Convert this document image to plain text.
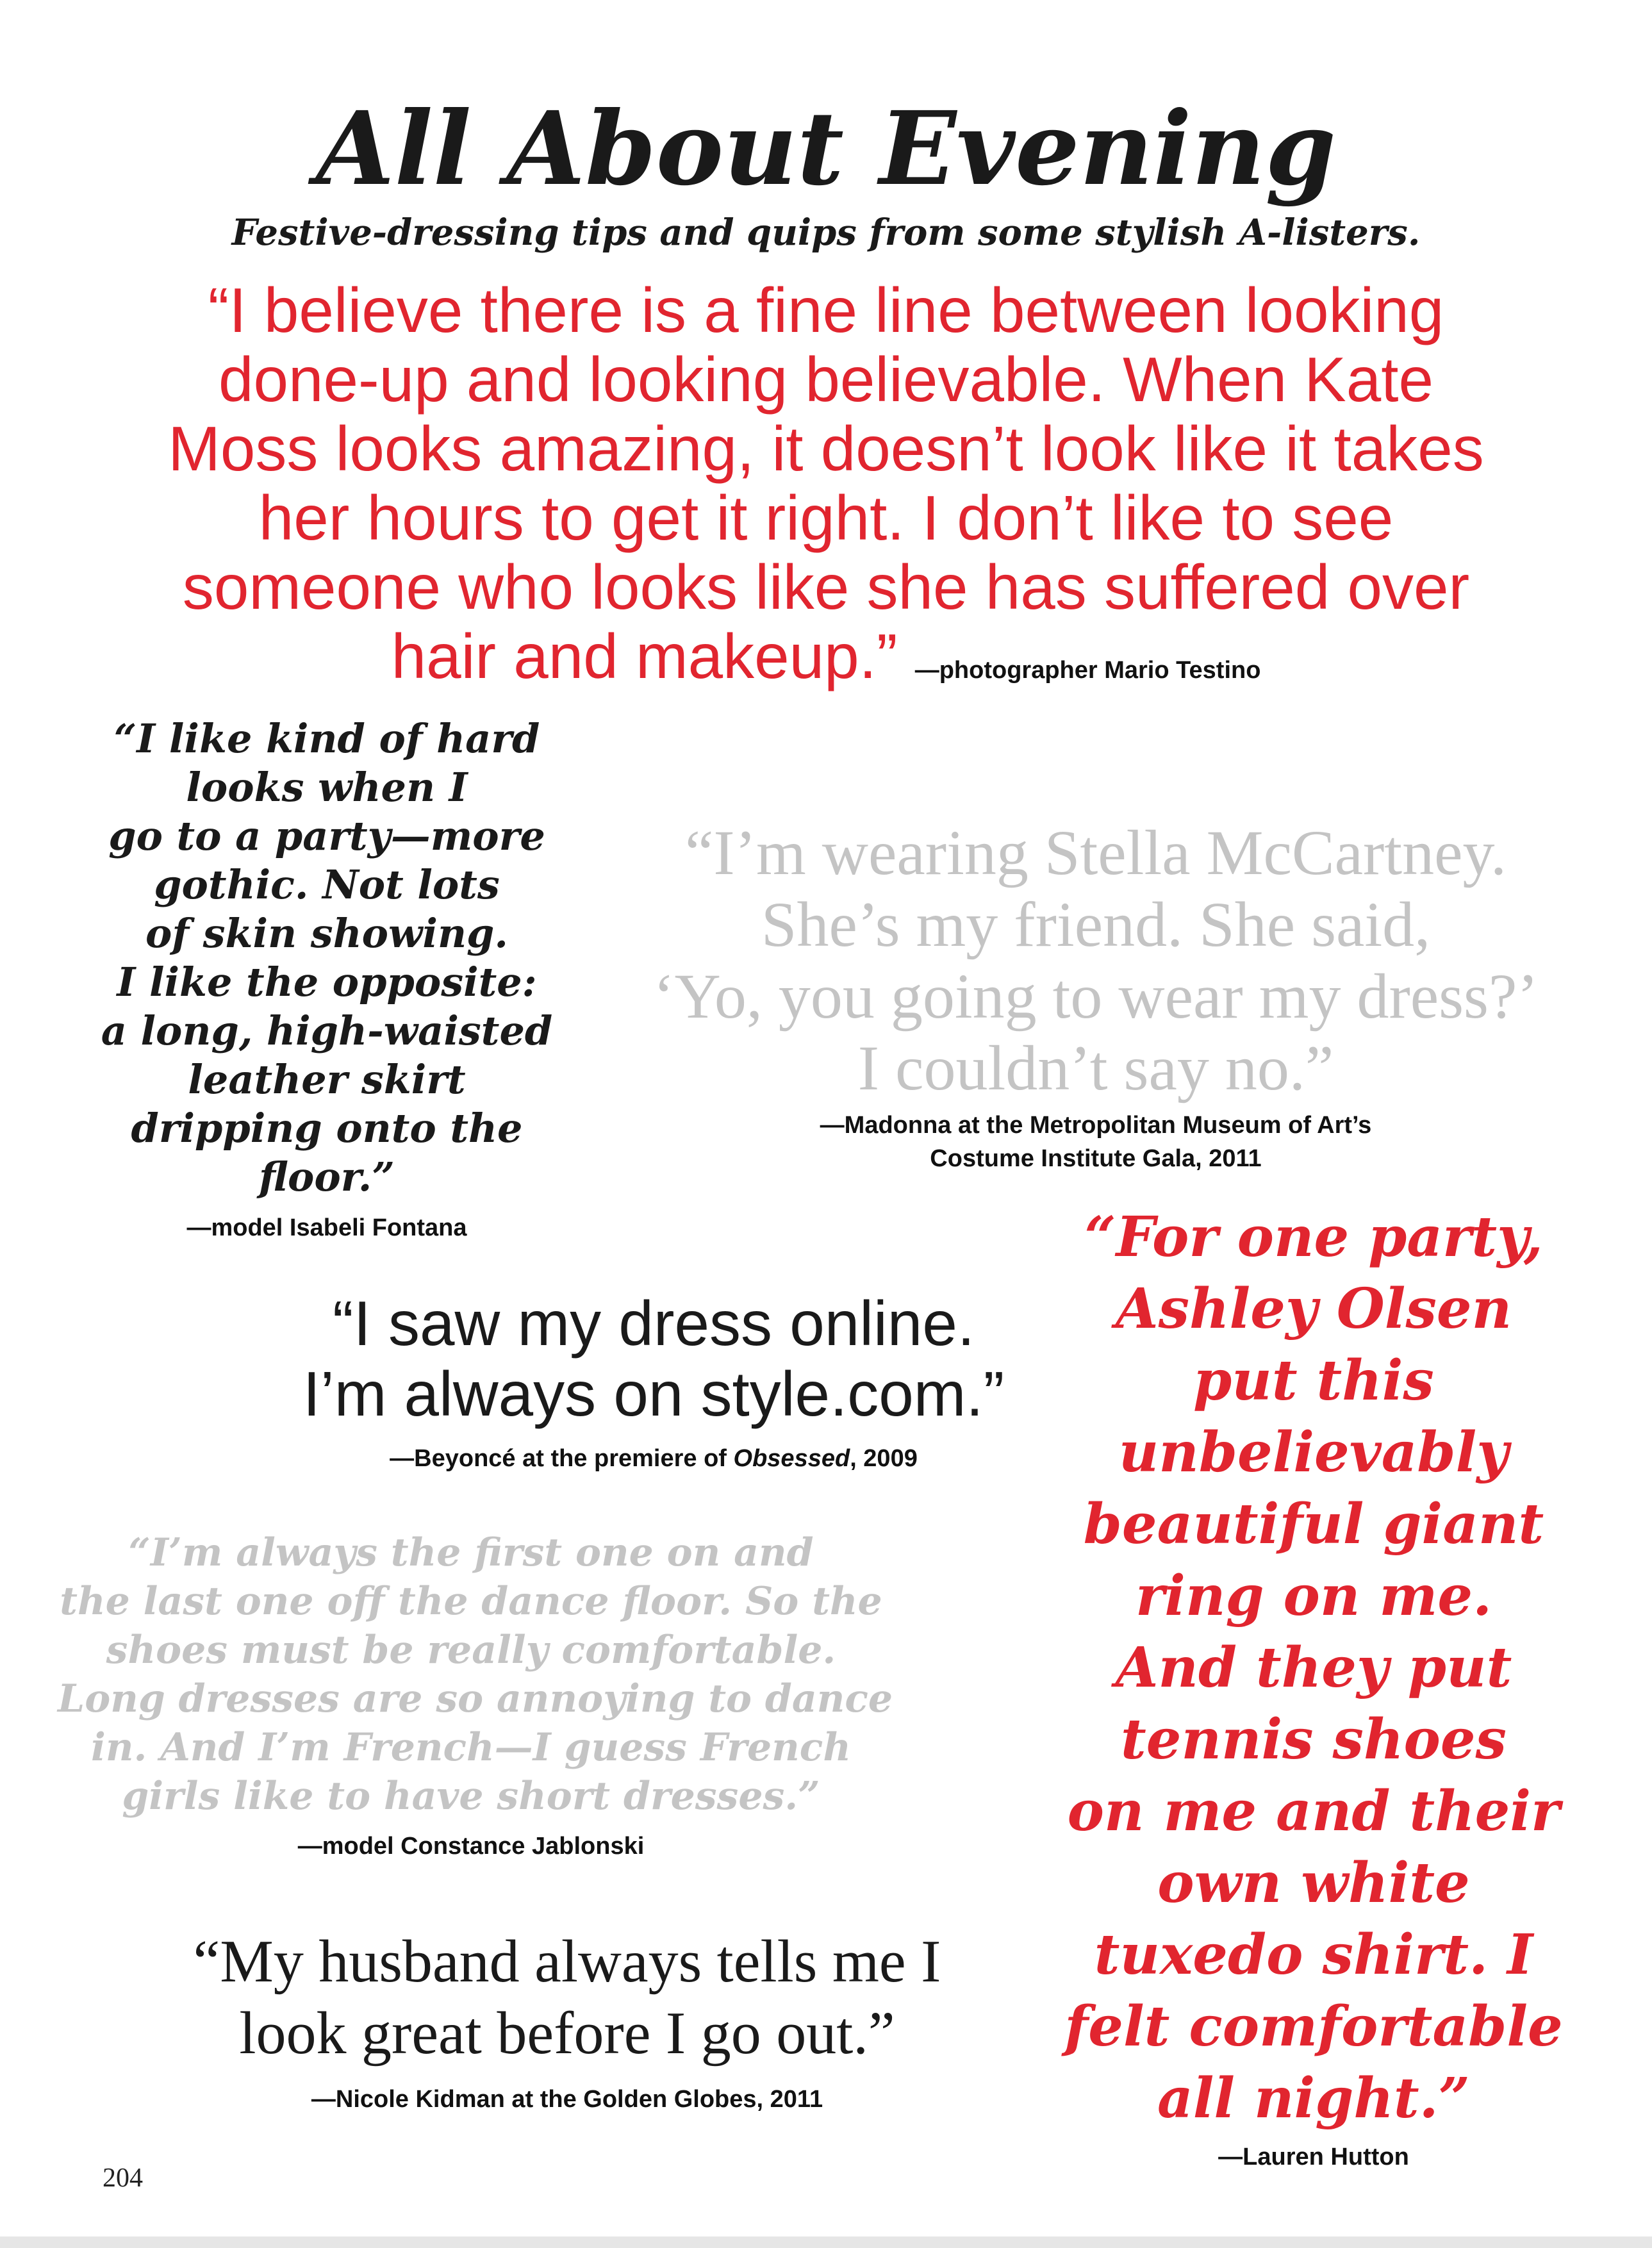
All About Evening
Festive-dressing tips and quips from some stylish A-listers.
“I believe there is a fine line between looking
done-up and looking believable. When Kate
Moss looks amazing, it doesn’t look like it takes
her hours to get it right. I don’t like to see
someone who looks like she has suffered over
hair and makeup.” —photographer Mario Testino
“I like kind of hard
looks when I
go to a party—more
gothic. Not lots
of skin showing.
I like the opposite:
a long, high-waisted
leather skirt
dripping onto the
floor.”
—model Isabeli Fontana
“I’m wearing Stella McCartney.
She’s my friend. She said,
‘Yo, you going to wear my dress?’
I couldn’t say no.”
—Madonna at the Metropolitan Museum of Art’s
Costume Institute Gala, 2011
“For one party,
Ashley Olsen
put this
unbelievably
beautiful giant
ring on me.
And they put
tennis shoes
on me and their
own white
tuxedo shirt. I
felt comfortable
all night.”
—Lauren Hutton
“I saw my dress online.
I’m always on style.com.”
—Beyoncé at the premiere of Obsessed, 2009
“I’m always the first one on and
the last one off the dance floor. So the
shoes must be really comfortable.
Long dresses are so annoying to dance
in. And I’m French—I guess French
girls like to have short dresses.”
—model Constance Jablonski
“My husband always tells me I
look great before I go out.”
—Nicole Kidman at the Golden Globes, 2011
204
